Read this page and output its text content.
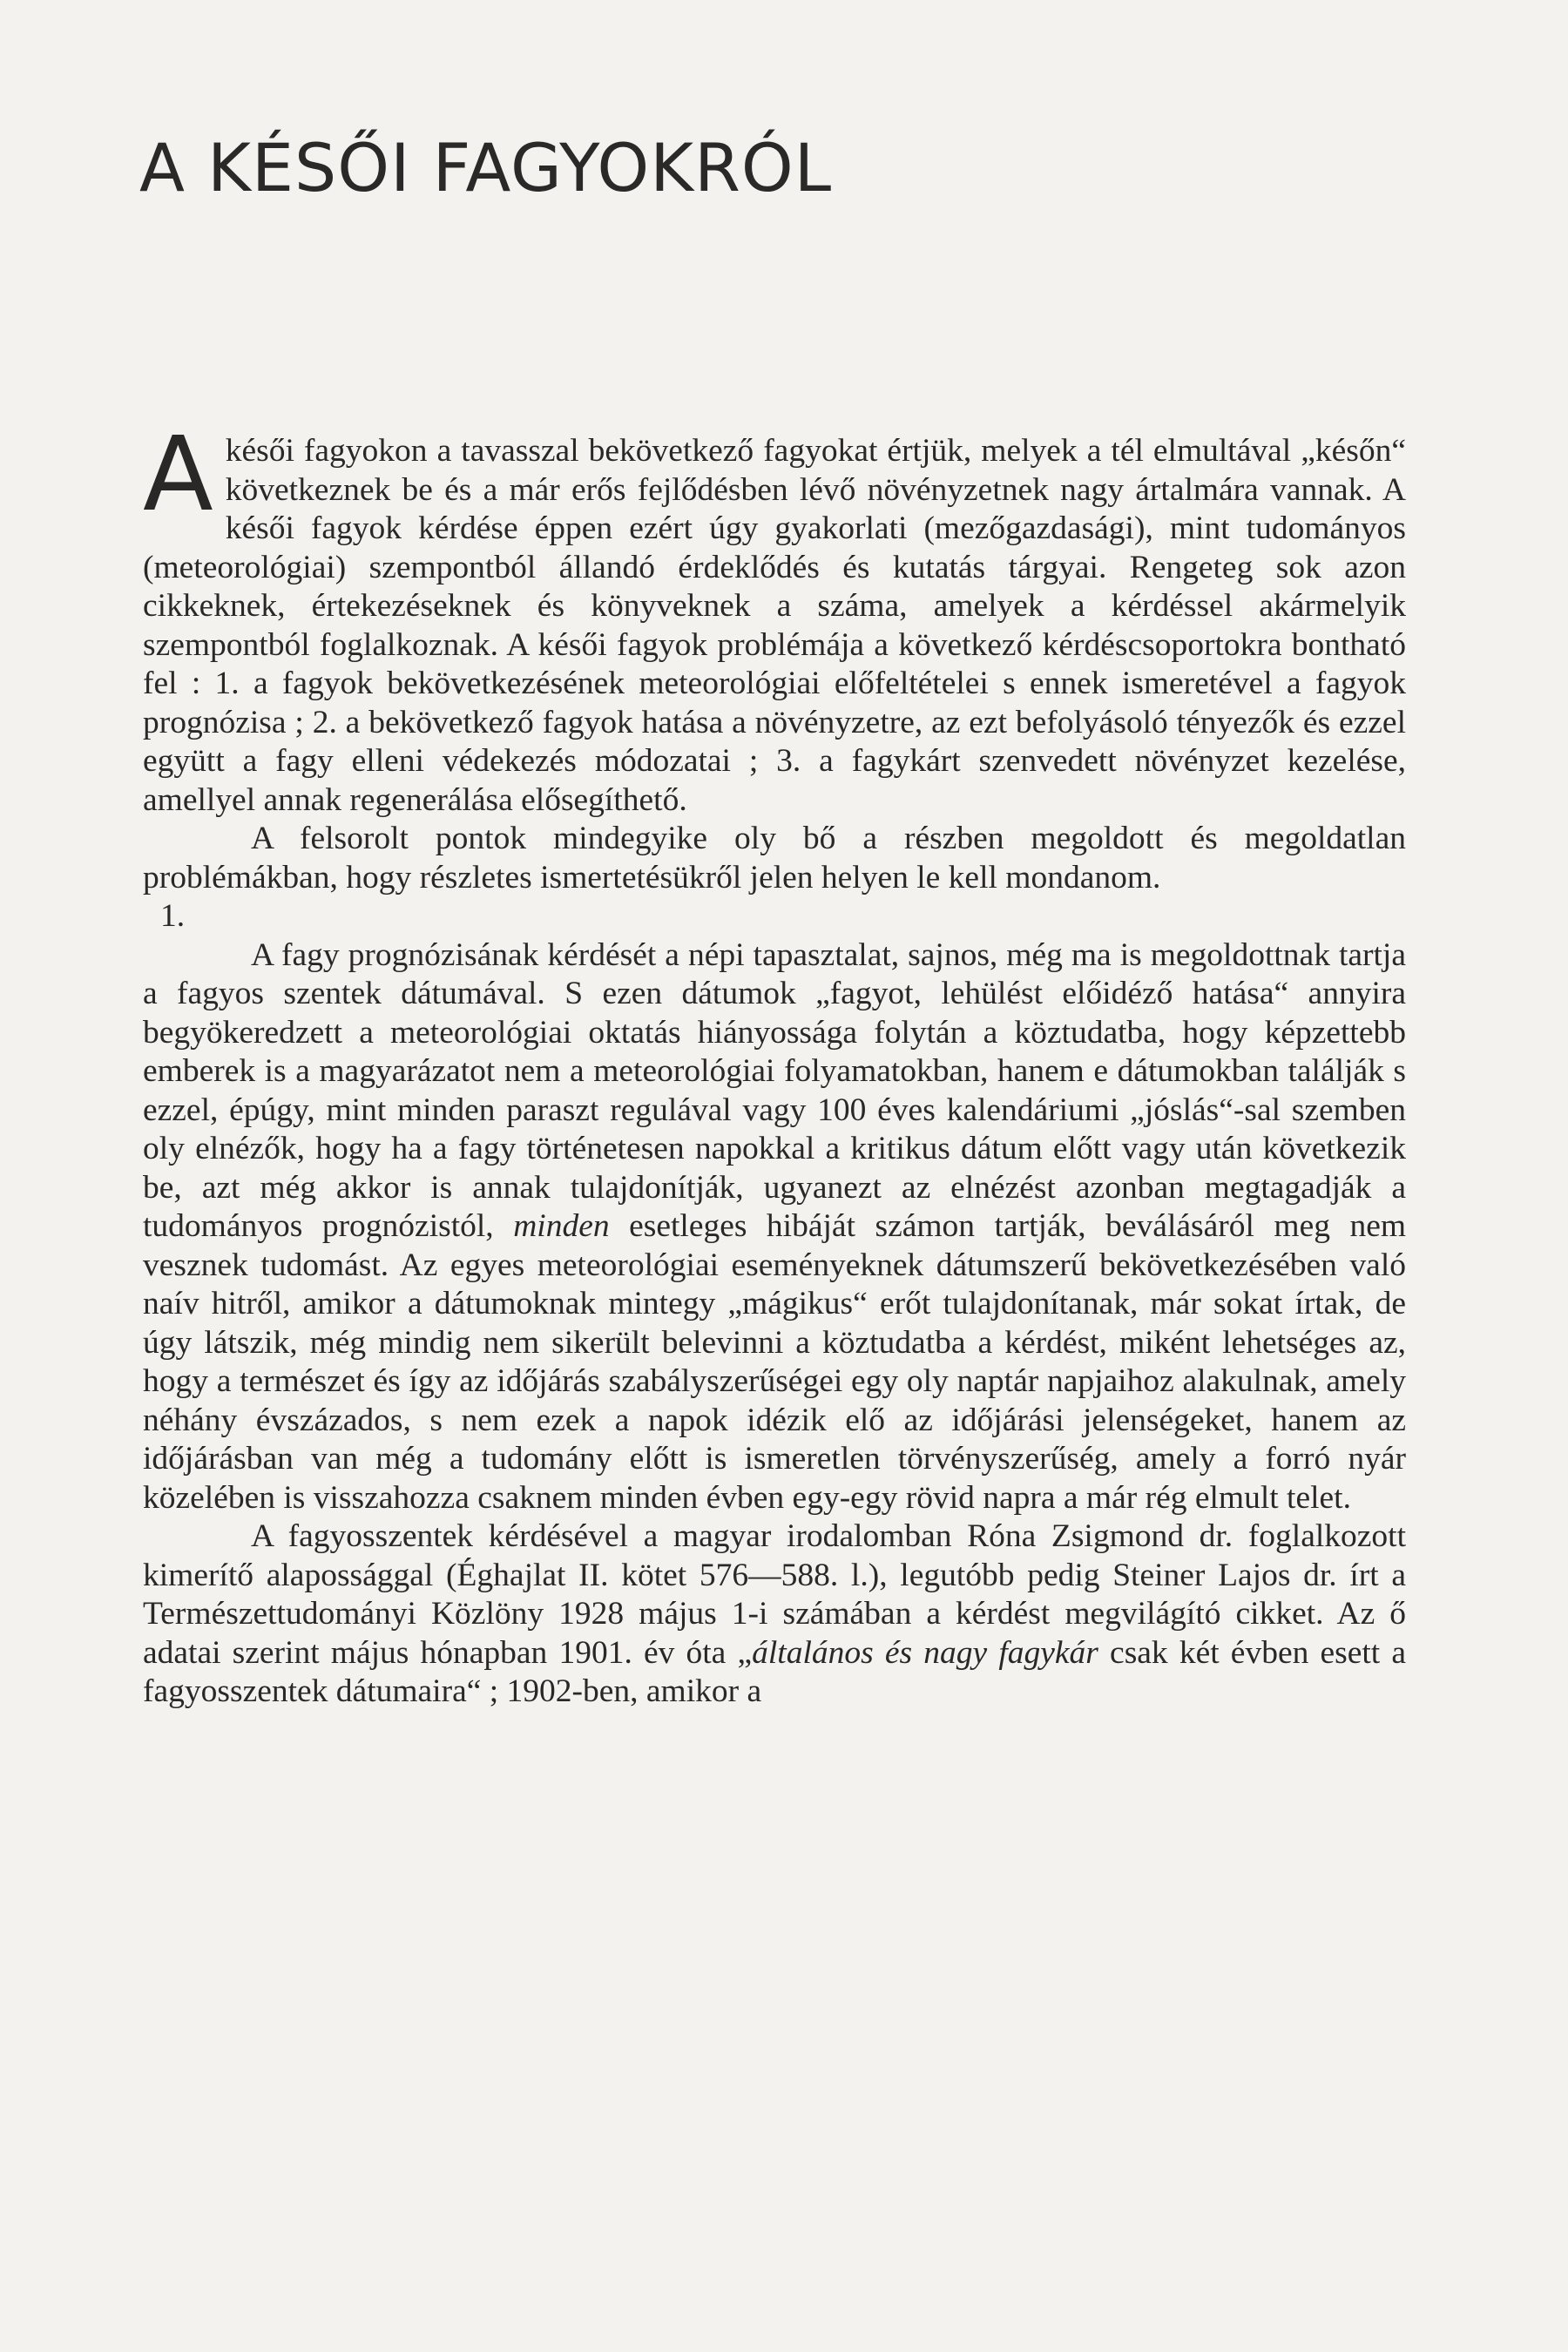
A KÉSŐI FAGYOKRÓL

Akésői fagyokon a tavasszal bekövetkező fagyokat értjük, melyek a tél elmultával „későn“ következnek be és a már erős fejlődésben lévő növényzetnek nagy ártalmára vannak. A késői fagyok kérdése éppen ezért úgy gyakorlati (mezőgazdasági), mint tudományos (meteorológiai) szempontból állandó érdeklődés és kutatás tárgyai. Rengeteg sok azon cikkeknek, értekezéseknek és könyveknek a száma, amelyek a kérdéssel akármelyik szempontból foglalkoznak. A késői fagyok problémája a következő kérdéscsoportokra bontható fel : 1. a fagyok bekövetkezésének meteorológiai előfeltételei s ennek ismeretével a fagyok prognózisa ; 2. a bekövetkező fagyok hatása a növényzetre, az ezt befolyásoló tényezők és ezzel együtt a fagy elleni védekezés módozatai ; 3. a fagykárt szenvedett növényzet kezelése, amellyel annak regenerálása elősegíthető.

A felsorolt pontok mindegyike oly bő a részben megoldott és megoldatlan problémákban, hogy részletes ismertetésükről jelen helyen le kell mondanom.

1.

A fagy prognózisának kérdését a népi tapasztalat, sajnos, még ma is megoldottnak tartja a fagyos szentek dátumával. S ezen dátumok „fagyot, lehülést előidéző hatása“ annyira begyökeredzett a meteorológiai oktatás hiányossága folytán a köztudatba, hogy képzettebb emberek is a magyarázatot nem a meteorológiai folyamatokban, hanem e dátumokban találják s ezzel, épúgy, mint minden paraszt regulával vagy 100 éves kalendáriumi „jóslás“-sal szemben oly elnézők, hogy ha a fagy történetesen napokkal a kritikus dátum előtt vagy után következik be, azt még akkor is annak tulajdonítják, ugyanezt az elnézést azonban megtagadják a tudományos prognózistól, minden esetleges hibáját számon tartják, beválásáról meg nem vesznek tudomást. Az egyes meteorológiai eseményeknek dátumszerű bekövetkezésében való naív hitről, amikor a dátumoknak mintegy „mágikus“ erőt tulajdonítanak, már sokat írtak, de úgy látszik, még mindig nem sikerült belevinni a köztudatba a kérdést, miként lehetséges az, hogy a természet és így az időjárás szabályszerűségei egy oly naptár napjaihoz alakulnak, amely néhány évszázados, s nem ezek a napok idézik elő az időjárási jelenségeket, hanem az időjárásban van még a tudomány előtt is ismeretlen törvényszerűség, amely a forró nyár közelében is visszahozza csaknem minden évben egy-egy rövid napra a már rég elmult telet.

A fagyosszentek kérdésével a magyar irodalomban Róna Zsigmond dr. foglalkozott kimerítő alapossággal (Éghajlat II. kötet 576—588. l.), legutóbb pedig Steiner Lajos dr. írt a Természettudományi Közlöny 1928 május 1-i számában a kérdést megvilágító cikket. Az ő adatai szerint május hónapban 1901. év óta „általános és nagy fagykár csak két évben esett a fagyosszentek dátumaira“ ; 1902-ben, amikor a
